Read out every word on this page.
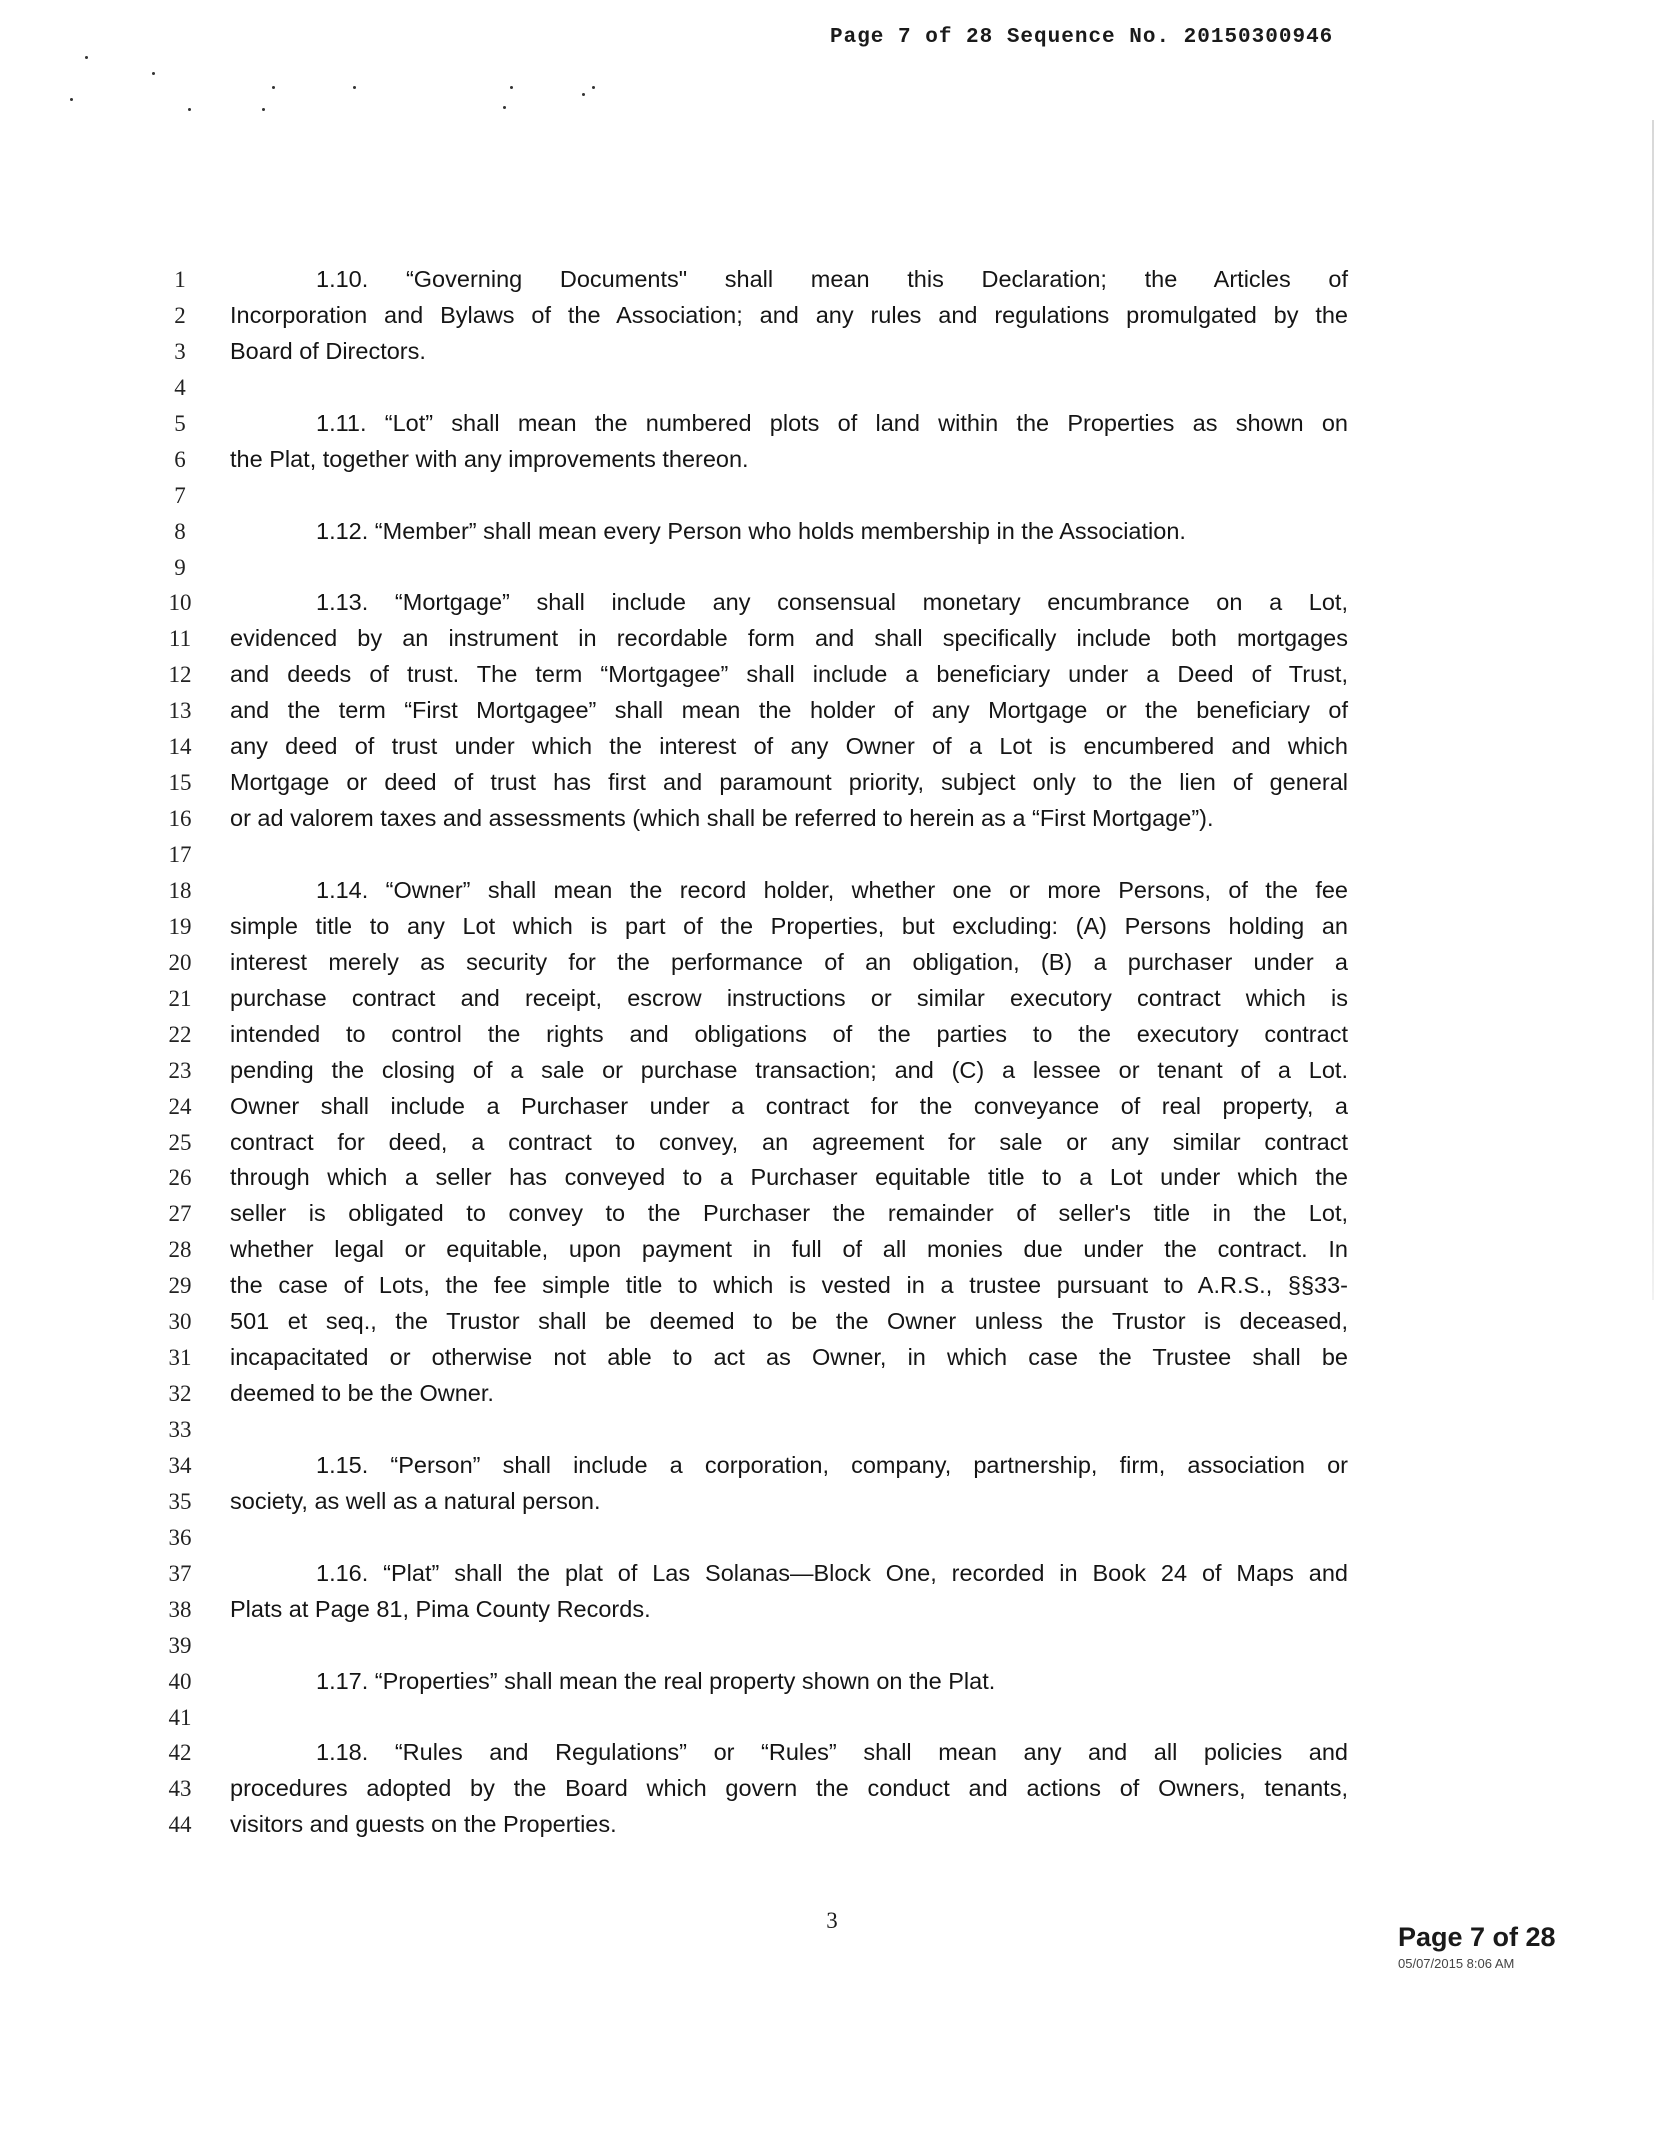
Page 7 of 28 Sequence No. 20150300946
1
2
3
4
5
6
7
8
9
10
11
12
13
14
15
16
17
18
19
20
21
22
23
24
25
26
27
28
29
30
31
32
33
34
35
36
37
38
39
40
41
42
43
44
1.10. “Governing Documents" shall mean this Declaration; the Articles of
Incorporation and Bylaws of the Association; and any rules and regulations promulgated by the
Board of Directors.
1.11. “Lot” shall mean the numbered plots of land within the Properties as shown on
the Plat, together with any improvements thereon.
1.12. “Member” shall mean every Person who holds membership in the Association.
1.13. “Mortgage” shall include any consensual monetary encumbrance on a Lot,
evidenced by an instrument in recordable form and shall specifically include both mortgages
and deeds of trust. The term “Mortgagee” shall include a beneficiary under a Deed of Trust,
and the term “First Mortgagee” shall mean the holder of any Mortgage or the beneficiary of
any deed of trust under which the interest of any Owner of a Lot is encumbered and which
Mortgage or deed of trust has first and paramount priority, subject only to the lien of general
or ad valorem taxes and assessments (which shall be referred to herein as a “First Mortgage”).
1.14. “Owner” shall mean the record holder, whether one or more Persons, of the fee
simple title to any Lot which is part of the Properties, but excluding: (A) Persons holding an
interest merely as security for the performance of an obligation, (B) a purchaser under a
purchase contract and receipt, escrow instructions or similar executory contract which is
intended to control the rights and obligations of the parties to the executory contract
pending the closing of a sale or purchase transaction; and (C) a lessee or tenant of a Lot.
Owner shall include a Purchaser under a contract for the conveyance of real property, a
contract for deed, a contract to convey, an agreement for sale or any similar contract
through which a seller has conveyed to a Purchaser equitable title to a Lot under which the
seller is obligated to convey to the Purchaser the remainder of seller's title in the Lot,
whether legal or equitable, upon payment in full of all monies due under the contract. In
the case of Lots, the fee simple title to which is vested in a trustee pursuant to A.R.S., §§33-
501 et seq., the Trustor shall be deemed to be the Owner unless the Trustor is deceased,
incapacitated or otherwise not able to act as Owner, in which case the Trustee shall be
deemed to be the Owner.
1.15. “Person” shall include a corporation, company, partnership, firm, association or
society, as well as a natural person.
1.16. “Plat” shall the plat of Las Solanas—Block One, recorded in Book 24 of Maps and
Plats at Page 81, Pima County Records.
1.17. “Properties” shall mean the real property shown on the Plat.
1.18. “Rules and Regulations” or “Rules” shall mean any and all policies and
procedures adopted by the Board which govern the conduct and actions of Owners, tenants,
visitors and guests on the Properties.
3
Page 7 of 28
05/07/2015 8:06 AM
